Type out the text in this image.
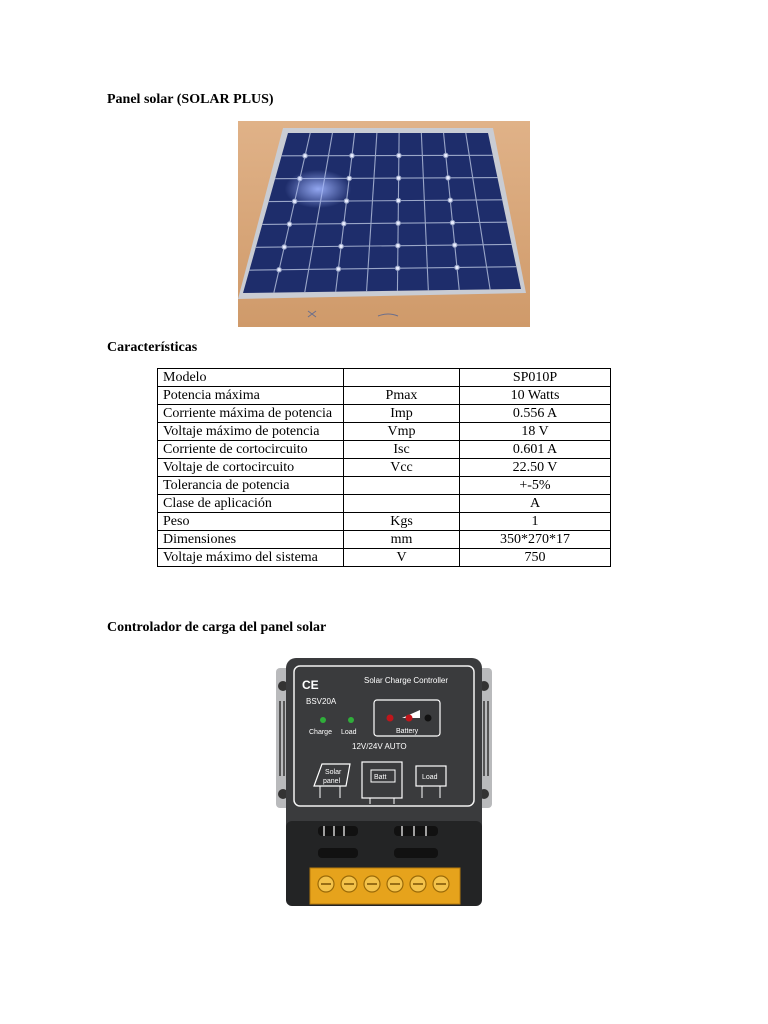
Panel solar (SOLAR PLUS)
Características
Modelo		SP010P
Potencia máxima	Pmax	10 Watts
Corriente máxima de potencia	Imp	0.556 A
Voltaje máximo de potencia	Vmp	18 V
Corriente de cortocircuito	Isc	0.601 A
Voltaje de cortocircuito	Vcc	22.50 V
Tolerancia de potencia		+-5%
Clase de aplicación		A
Peso	Kgs	1
Dimensiones	mm	350*270*17
Voltaje máximo del sistema	V	750
Controlador de carga del panel solar
CE	Solar Charge Controller
BSV20A
Charge Load	Battery
12V/24V AUTO
Solar
panel
Batt	Load
